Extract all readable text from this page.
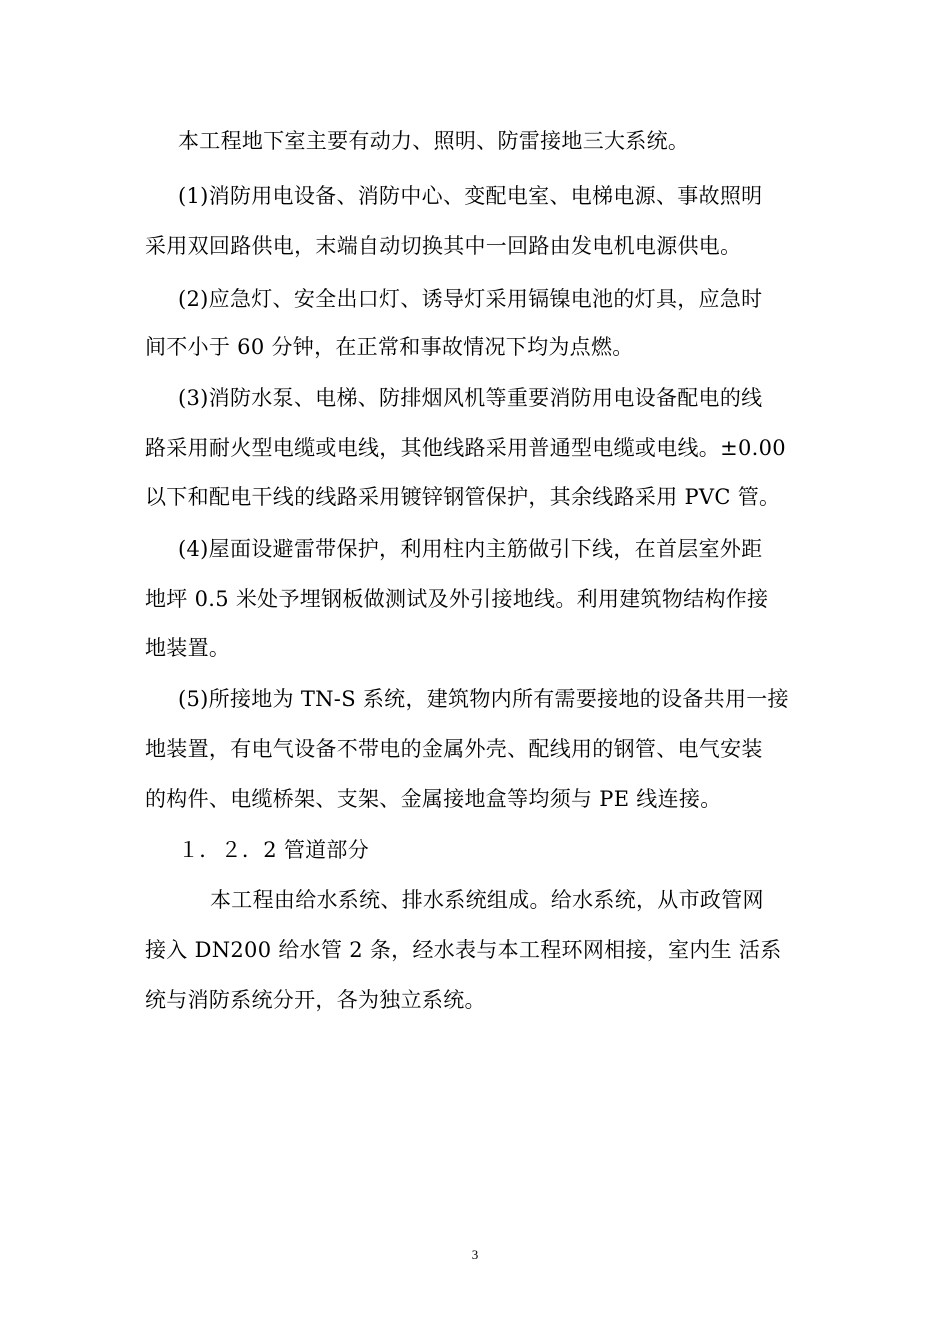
本工程地下室主要有动力、照明、防雷接地三大系统。
(1)消防用电设备、消防中心、变配电室、电梯电源、事故照明
采用双回路供电，末端自动切换其中一回路由发电机电源供电。
(2)应急灯、安全出口灯、诱导灯采用镉镍电池的灯具，应急时
间不小于 60 分钟，在正常和事故情况下均为点燃。
(3)消防水泵、电梯、防排烟风机等重要消防用电设备配电的线
路采用耐火型电缆或电线，其他线路采用普通型电缆或电线。±0.00
以下和配电干线的线路采用镀锌钢管保护，其余线路采用 PVC 管。
(4)屋面设避雷带保护，利用柱内主筋做引下线，在首层室外距
地坪 0.5 米处予埋钢板做测试及外引接地线。利用建筑物结构作接
地装置。
(5)所接地为 TN-S 系统，建筑物内所有需要接地的设备共用一接
地装置，有电气设备不带电的金属外壳、配线用的钢管、电气安装
的构件、电缆桥架、支架、金属接地盒等均须与 PE 线连接。
１．２．2 管道部分
本工程由给水系统、排水系统组成。给水系统，从市政管网
接入 DN200 给水管 2 条，经水表与本工程环网相接，室内生 活系
统与消防系统分开，各为独立系统。
3
